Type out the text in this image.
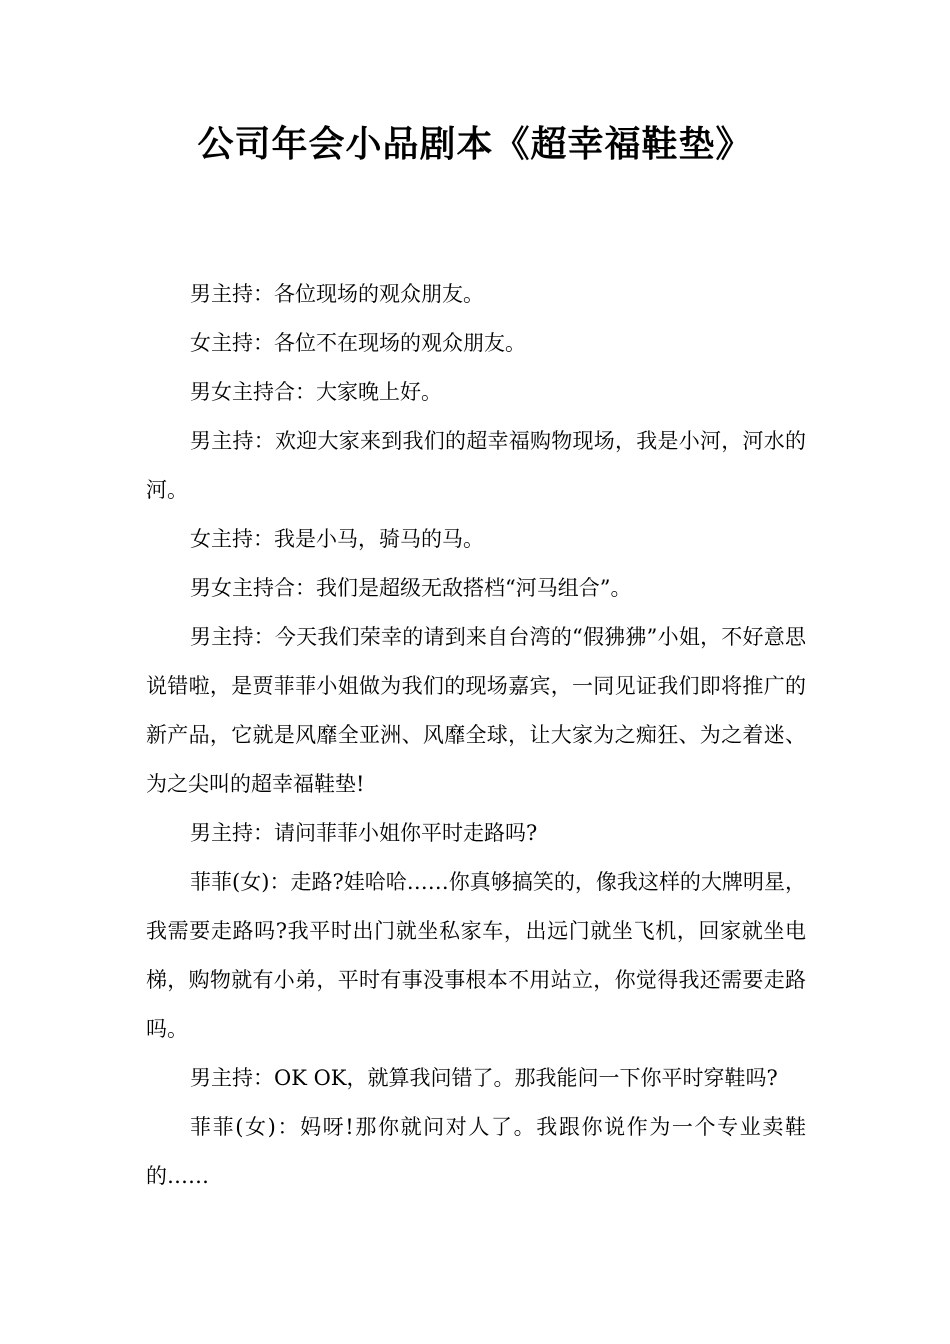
公司年会小品剧本《超幸福鞋垫》

男主持：各位现场的观众朋友。

女主持：各位不在现场的观众朋友。

男女主持合：大家晚上好。

男主持：欢迎大家来到我们的超幸福购物现场，我是小河，河水的河。

女主持：我是小马，骑马的马。

男女主持合：我们是超级无敌搭档“河马组合”。

男主持：今天我们荣幸的请到来自台湾的“假狒狒”小姐，不好意思说错啦，是贾菲菲小姐做为我们的现场嘉宾，一同见证我们即将推广的新产品，它就是风靡全亚洲、风靡全球，让大家为之痴狂、为之着迷、为之尖叫的超幸福鞋垫!

男主持：请问菲菲小姐你平时走路吗?

菲菲(女)：走路?娃哈哈……你真够搞笑的，像我这样的大牌明星，我需要走路吗?我平时出门就坐私家车，出远门就坐飞机，回家就坐电梯，购物就有小弟，平时有事没事根本不用站立，你觉得我还需要走路吗。

男主持：OK OK，就算我问错了。那我能问一下你平时穿鞋吗?

菲菲(女)：妈呀!那你就问对人了。我跟你说作为一个专业卖鞋的……
